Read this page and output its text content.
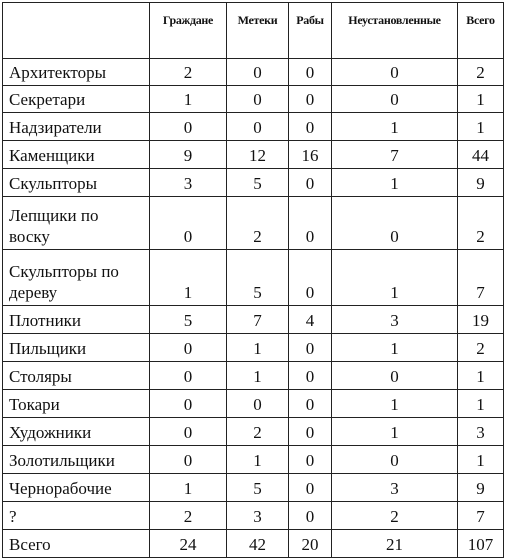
	Граждане	Метеки	Рабы	Неустановленные	Всего
Архитекторы	2	0	0	0	2
Секретари	1	0	0	0	1
Надзиратели	0	0	0	1	1
Каменщики	9	12	16	7	44
Скульпторы	3	5	0	1	9
Лепщики по воску	0	2	0	0	2
Скульпторы по дереву	1	5	0	1	7
Плотники	5	7	4	3	19
Пильщики	0	1	0	1	2
Столяры	0	1	0	0	1
Токари	0	0	0	1	1
Художники	0	2	0	1	3
Золотильщики	0	1	0	0	1
Чернорабочие	1	5	0	3	9
?	2	3	0	2	7
Всего	24	42	20	21	107
